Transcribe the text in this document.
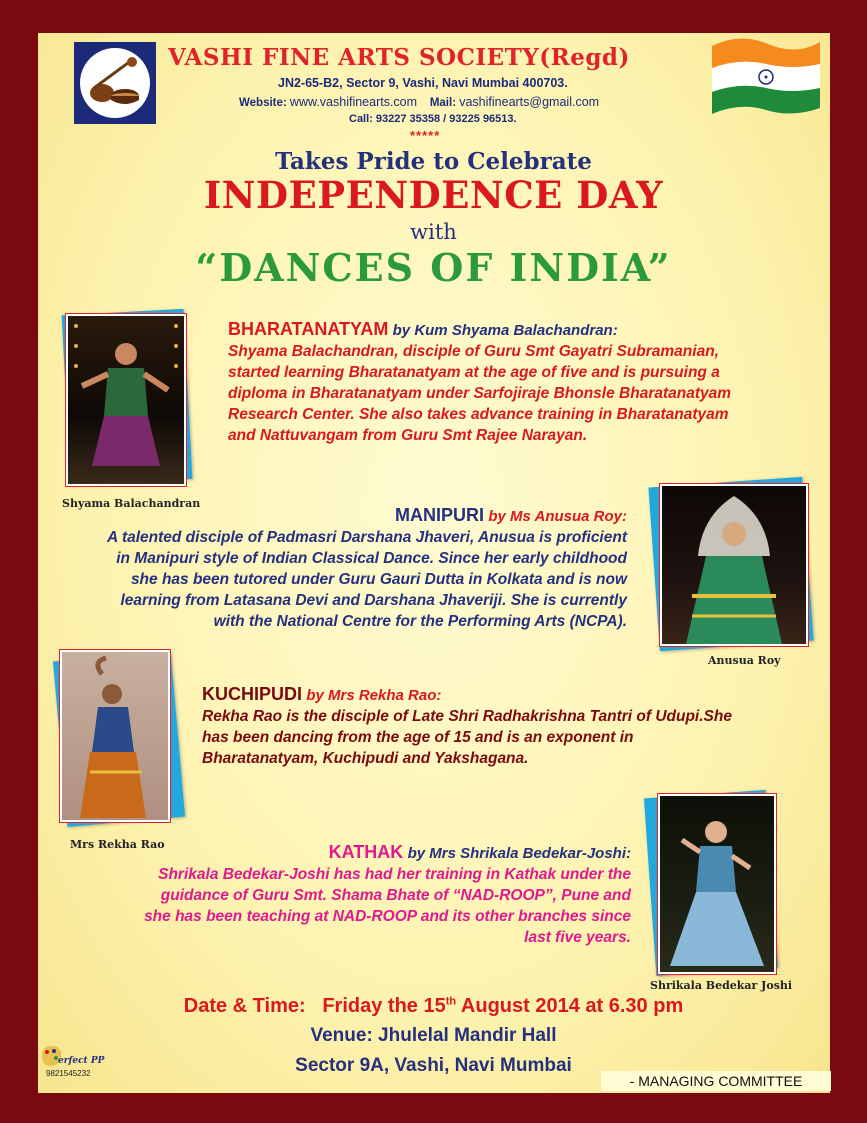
VASHI FINE ARTS SOCIETY(Regd)
JN2-65-B2, Sector 9, Vashi, Navi Mumbai 400703.
Website: www.vashifinearts.com Mail: vashifinearts@gmail.com
Call: 93227 35358 / 93225 96513.
*****
Takes Pride to Celebrate
INDEPENDENCE DAY
with
“DANCES OF INDIA”
Shyama Balachandran
BHARATANATYAM by Kum Shyama Balachandran:
Shyama Balachandran, disciple of Guru Smt Gayatri Subramanian,
started learning Bharatanatyam at the age of five and is pursuing a
diploma in Bharatanatyam under Sarfojiraje Bhonsle Bharatanatyam
Research Center. She also takes advance training in Bharatanatyam
and Nattuvangam from Guru Smt Rajee Narayan.
MANIPURI by Ms Anusua Roy:
A talented disciple of Padmasri Darshana Jhaveri, Anusua is proficient
in Manipuri style of Indian Classical Dance. Since her early childhood
she has been tutored under Guru Gauri Dutta in Kolkata and is now
learning from Latasana Devi and Darshana Jhaveriji. She is currently
with the National Centre for the Performing Arts (NCPA).
Anusua Roy
Mrs Rekha Rao
KUCHIPUDI by Mrs Rekha Rao:
Rekha Rao is the disciple of Late Shri Radhakrishna Tantri of Udupi.She
has been dancing from the age of 15 and is an exponent in
Bharatanatyam, Kuchipudi and Yakshagana.
KATHAK by Mrs Shrikala Bedekar-Joshi:
Shrikala Bedekar-Joshi has had her training in Kathak under the
guidance of Guru Smt. Shama Bhate of “NAD-ROOP”, Pune and
she has been teaching at NAD-ROOP and its other branches since
last five years.
Shrikala Bedekar Joshi
Date & Time: Friday the 15th August 2014 at 6.30 pm
Venue: Jhulelal Mandir Hall
Sector 9A, Vashi, Navi Mumbai
erfect PP
9821545232	- MANAGING COMMITTEE
